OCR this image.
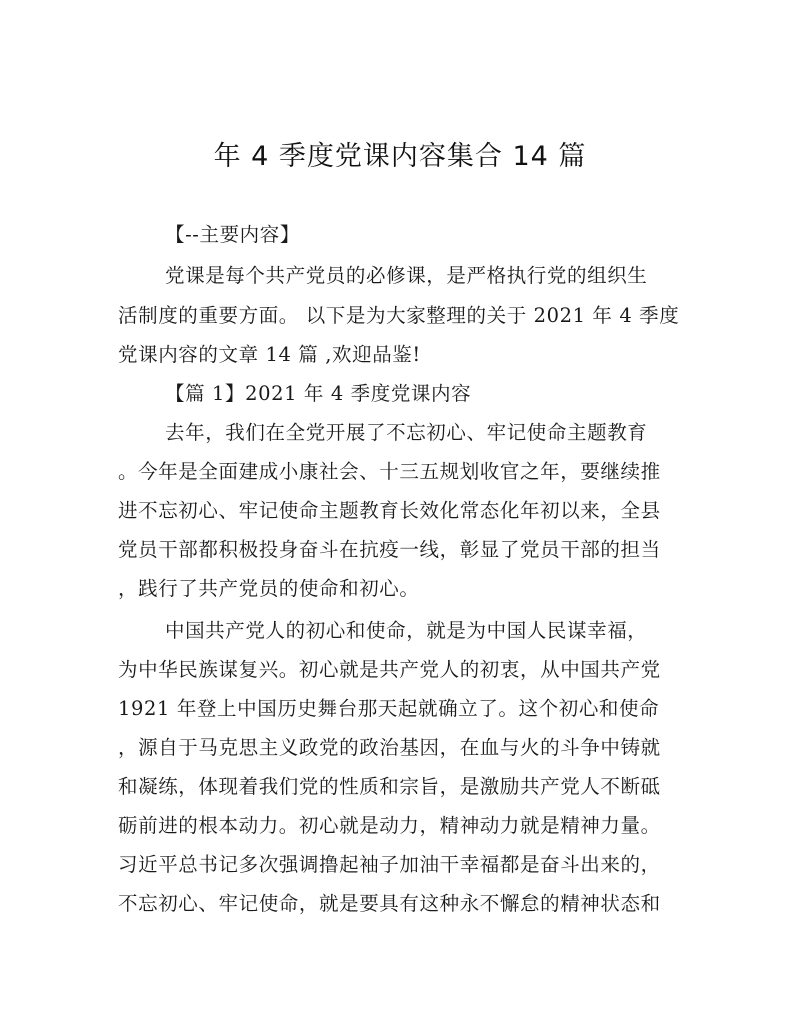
年 4 季度党课内容集合 14 篇
【--主要内容】
党课是每个共产党员的必修课，是严格执行党的组织生
活制度的重要方面。 以下是为大家整理的关于 2021 年 4 季度
党课内容的文章 14 篇 ,欢迎品鉴!
【篇 1】2021 年 4 季度党课内容
去年，我们在全党开展了不忘初心、牢记使命主题教育
。今年是全面建成小康社会、十三五规划收官之年，要继续推
进不忘初心、牢记使命主题教育长效化常态化年初以来，全县
党员干部都积极投身奋斗在抗疫一线，彰显了党员干部的担当
，践行了共产党员的使命和初心。
中国共产党人的初心和使命，就是为中国人民谋幸福，
为中华民族谋复兴。初心就是共产党人的初衷，从中国共产党
1921 年登上中国历史舞台那天起就确立了。这个初心和使命
，源自于马克思主义政党的政治基因，在血与火的斗争中铸就
和凝练，体现着我们党的性质和宗旨，是激励共产党人不断砥
砺前进的根本动力。初心就是动力，精神动力就是精神力量。
习近平总书记多次强调撸起袖子加油干幸福都是奋斗出来的，
不忘初心、牢记使命，就是要具有这种永不懈怠的精神状态和
